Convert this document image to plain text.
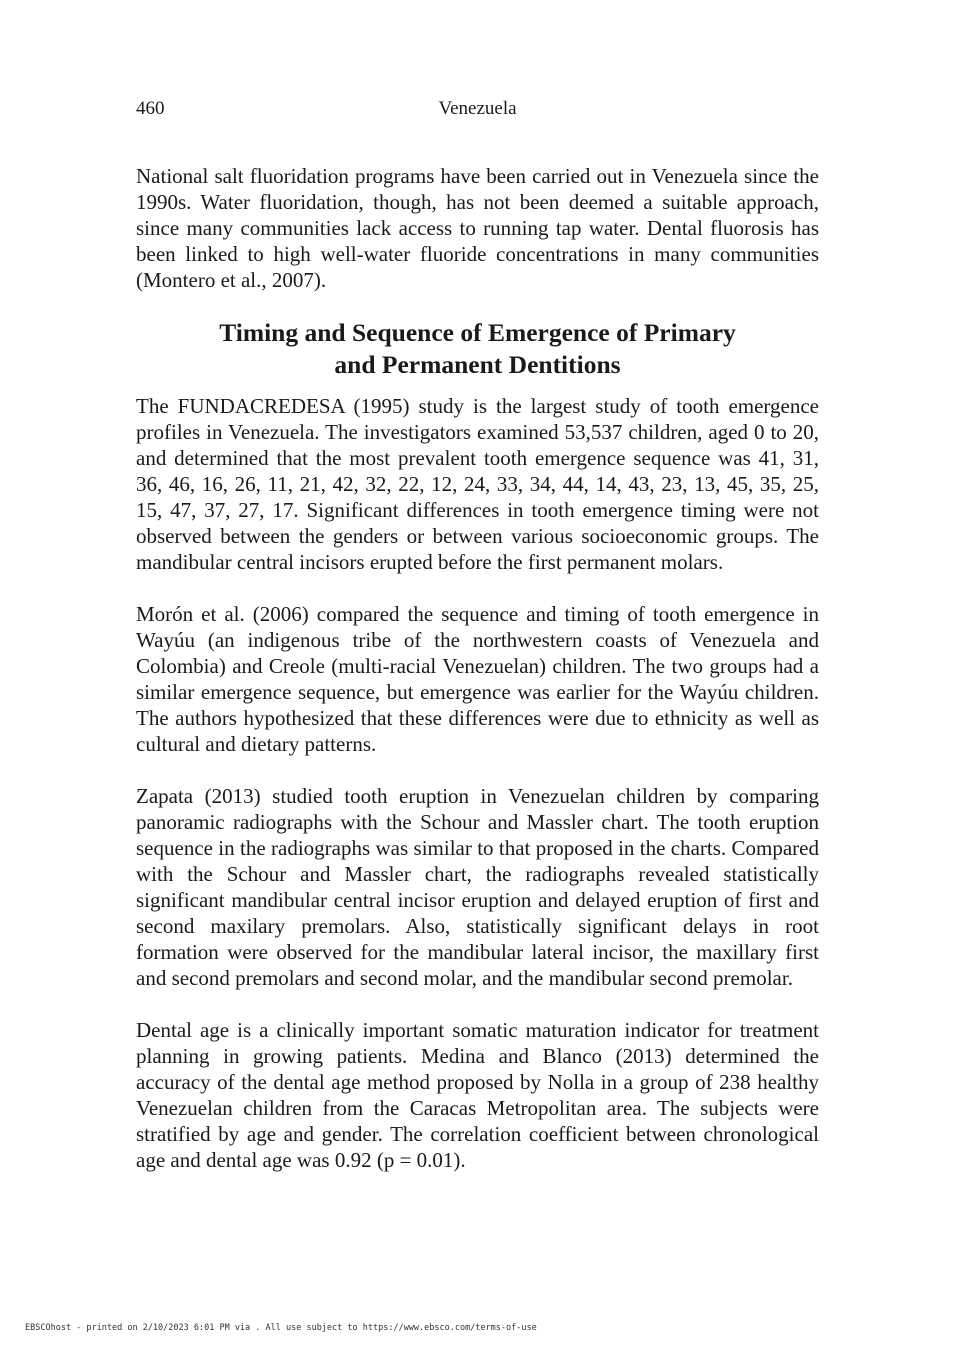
460	Venezuela

National salt fluoridation programs have been carried out in Venezuela since the 1990s. Water fluoridation, though, has not been deemed a suitable approach, since many communities lack access to running tap water. Dental fluorosis has been linked to high well-water fluoride concentrations in many communities (Montero et al., 2007).

Timing and Sequence of Emergence of Primary
and Permanent Dentitions

The FUNDACREDESA (1995) study is the largest study of tooth emergence profiles in Venezuela. The investigators examined 53,537 children, aged 0 to 20, and determined that the most prevalent tooth emergence sequence was 41, 31, 36, 46, 16, 26, 11, 21, 42, 32, 22, 12, 24, 33, 34, 44, 14, 43, 23, 13, 45, 35, 25, 15, 47, 37, 27, 17. Significant differences in tooth emergence timing were not observed between the genders or between various socioeconomic groups. The mandibular central incisors erupted before the first permanent molars.

Morón et al. (2006) compared the sequence and timing of tooth emergence in Wayúu (an indigenous tribe of the northwestern coasts of Venezuela and Colombia) and Creole (multi-racial Venezuelan) children. The two groups had a similar emergence sequence, but emergence was earlier for the Wayúu children. The authors hypothesized that these differences were due to ethnicity as well as cultural and dietary patterns.

Zapata (2013) studied tooth eruption in Venezuelan children by comparing panoramic radiographs with the Schour and Massler chart. The tooth eruption sequence in the radiographs was similar to that proposed in the charts. Compared with the Schour and Massler chart, the radiographs revealed statistically significant mandibular central incisor eruption and delayed eruption of first and second maxilary premolars. Also, statistically significant delays in root formation were observed for the mandibular lateral incisor, the maxillary first and second premolars and second molar, and the mandibular second premolar.

Dental age is a clinically important somatic maturation indicator for treatment planning in growing patients. Medina and Blanco (2013) determined the accuracy of the dental age method proposed by Nolla in a group of 238 healthy Venezuelan children from the Caracas Metropolitan area. The subjects were stratified by age and gender. The correlation coefficient between chronological age and dental age was 0.92 (p = 0.01).

EBSCOhost - printed on 2/10/2023 6:01 PM via . All use subject to https://www.ebsco.com/terms-of-use
